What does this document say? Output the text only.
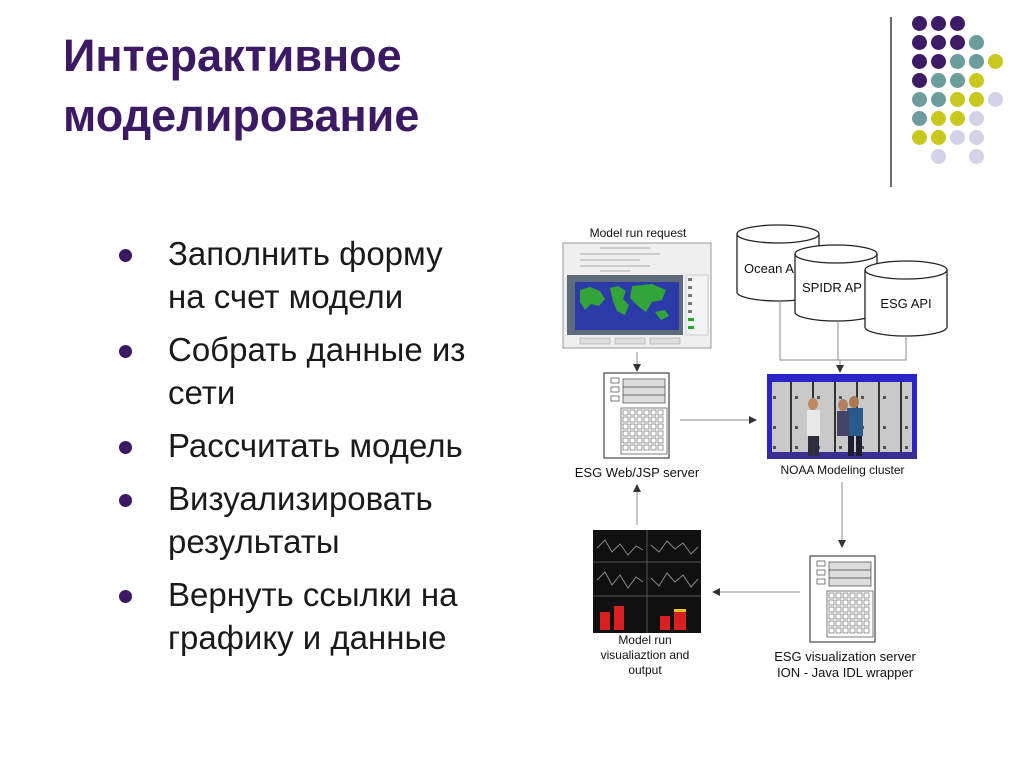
Интерактивное
моделирование
Заполнить форму
на счет модели
Собрать данные из
сети
Рассчитать модель
Визуализировать
результаты
Вернуть ссылки на
графику и данные
Model run request
Ocean A
SPIDR AP
ESG API
ESG Web/JSP server	NOAA Modeling cluster
Model run
visualiaztion and
output
ESG visualization server
ION - Java IDL wrapper
